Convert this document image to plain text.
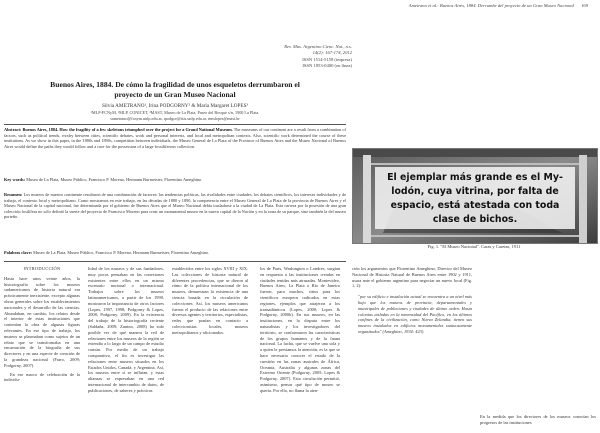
Ametrano et al.: Buenos Aires, 1884. Derrumbe del proyecto de un Gran Museo Nacional 169
Rev. Mus. Argentino Cienc. Nat., n.s.
14(2): 167-174, 2012
ISSN 1514-5158 (impresa)
ISSN 1853-0400 (en línea)
Buenos Aires, 1884. De cómo la fragilidad de unos esqueletos derrumbaron el proyecto de un Gran Museo Nacional
Silvia AMETRANO¹, Irina PODGORNY² & María Margaret LOPES³
¹MLP-FCNyM, ²MLP, CONICET, ³MAST, Museo de La Plata, Paseo del Bosque s/n, 1900 La Plata.
sametrano@fcnym.unlp.edu.ar, ipodgor@isis.unlp.edu.ar, mmlopes@mast.br
Abstract: Buenos Aires, 1884. How the fragility of a few skeletons triumphed over the project for a Grand National Museum. The museums of our continent are a result from a combination of factors, such as political trends, rivalry between cities, scientific debates, work and personal interests, and local and metropolitan contexts. Also, scientific work determined the course of these institutions. As we show in this paper, in the 1880s and 1890s, competition between individuals, the Museo General de La Plata of the Province of Buenos Aires and the Museo Nacional of Buenos Aires would define the paths they would follow and a race for the possession of a large fossiliferous collection.
Key words: Museo de La Plata, Museo Público, Francisco P. Moreno, Hermann Burmeister, Florentino Ameghino.
Resumen: Los museos de nuestro continente resultaron de una combinación de factores: las tendencias políticas, las rivalidades entre ciudades, los debates científicos, los intereses individuales y de trabajo, el contexto local y metropolitano. Como mostramos en este trabajo, en las décadas de 1880 y 1890, la competencia entre el Museo General de La Plata de la provincia de Buenos Aires y el Museo Nacional de la capital nacional, fue determinada por el gobierno de Buenos Aires que el Museo Nacional debía trasladarse a la ciudad de La Plata. Esta carrera por la posesión de una gran colección fosilífera no sólo definió la suerte del proyecto de Francisco Moreno para crear un monumental museo en la nueva capital de la Nación y en la zona de su parque, sino también la del museo porteño.
Palabras clave: Museo de La Plata, Museo Público, Francisco P. Moreno, Hermann Burmeister, Florentino Ameghino.
El ejemplar más grande es el My-
lodón, cuya vitrina, por falta de
espacio, está atestada con toda
clase de bichos.
Fig. 1. "El Museo Nacional". Caras y Caretas, 1911
INTRODUCCIÓN
Hasta hace unos veinte años, la historiografía sobre los museos sudamericanos de historia natural era prácticamente inexistente, excepto algunas obras generales sobre los establecimientos nacionales y el desarrollo de las ciencias. Abundaban, en cambio, los relatos desde el interior de estas instituciones que contenían la obra de algunas figuras relevantes. En ese tipo de trabajo, los museos se plasmaban como sujetos de un relato que se transformaba en una encarnación de la biografía de sus directores y en una especie de creación de la grandeza nacional (Farro, 2009; Podgorny, 2007).
En ese marco de celebración de la individu-
lidad de los museos y de sus fundadores, muy pocos pensaban en las conexiones existentes entre ellos en un mismo escenario nacional o internacional. Trabajos sobre los museos latinoamericanos, a partir de los 1990, mostraron la importancia de otros factores (Lopes, 1997, 1998; Podgorny & Lopes, 2008; Podgorny, 2009). En la existencia del trabajo de la historiografía reciente (Saldaña, 2009; Zunino, 2008) ha sido posible ver de qué manera la red de relaciones entre los museos de la región se extendía a lo largo de un campo de estudio común. Por medio de un trabajo comparativo, el fin es investigar las relaciones entre museos situados en los Estados Unidos, Canadá, y Argentina. Así, los museos entre sí se influían, y estas alianzas se expresaban en una red internacional de intercambio de datos, de publicaciones, de saberes y prácticas
establecidos entre los siglos XVIII y XIX. Las colecciones de historia natural de diferentes procedencias, que se dieron al ritmo de la política internacional de los museos, demuestran la existencia de una ciencia basada en la circulación de colecciones. Así, los museos americanos fueron el producto de las relaciones entre diversos agentes y territorios, especialistas, redes que ponían en contacto a coleccionistas locales, museos metropolitanos y aficionados.
los de París, Washington o Londres, surgían en respuesta a las instituciones creadas en ciudades tenidas más atrasadas. Montevideo, Buenos Aires, La Plata o Río de Janeiro fueron, para muchos, sitios para los científicos europeos radicados en estas regiones, ejemplos que atrajeron a los transatlánticos (Lopes, 2000; Lopes & Podgorny, 2000b). En sus museos, en las instituciones, en la disputa entre los naturalistas y los investigadores del territorio, se conformaron las características de los grupos humanos y de la fauna nacional. La lucha, que se vuelve una sola y a quien le prestamos la atención, es la que se hace necesario conocer el estado de la cuestión en las zonas australes de África, Oceanía, Australia y algunas zonas del Extremo Oriente (Podgorny, 2005; Lopes & Podgorny, 2007). Esta circulación permitió, asimismo, pensar qué tipo de museo se quería. Por ello, no llama la aten-
ción los argumentos que Florentino Ameghino, Director del Museo Nacional de Historia Natural de Buenos Aires entre 1902 y 1911, usara ante el gobierno argentino para negociar un nuevo local (Fig. 1, 2):
"por su edificio e instalación actual se encuentra a un nivel más bajo que los museos de provincia, departamentales y municipales de poblaciones y ciudades de último orden. Hasta colonias aisladas en la inmensidad del Pacífico, en los últimos confines de la civilización, como Nueva Zelandia, tienen sus museos instalados en edificios monumentales suntuosamente organizados" (Ameghino, 1934: 423).
En la medida que los directores de los museos conocían los progresos de las instituciones
